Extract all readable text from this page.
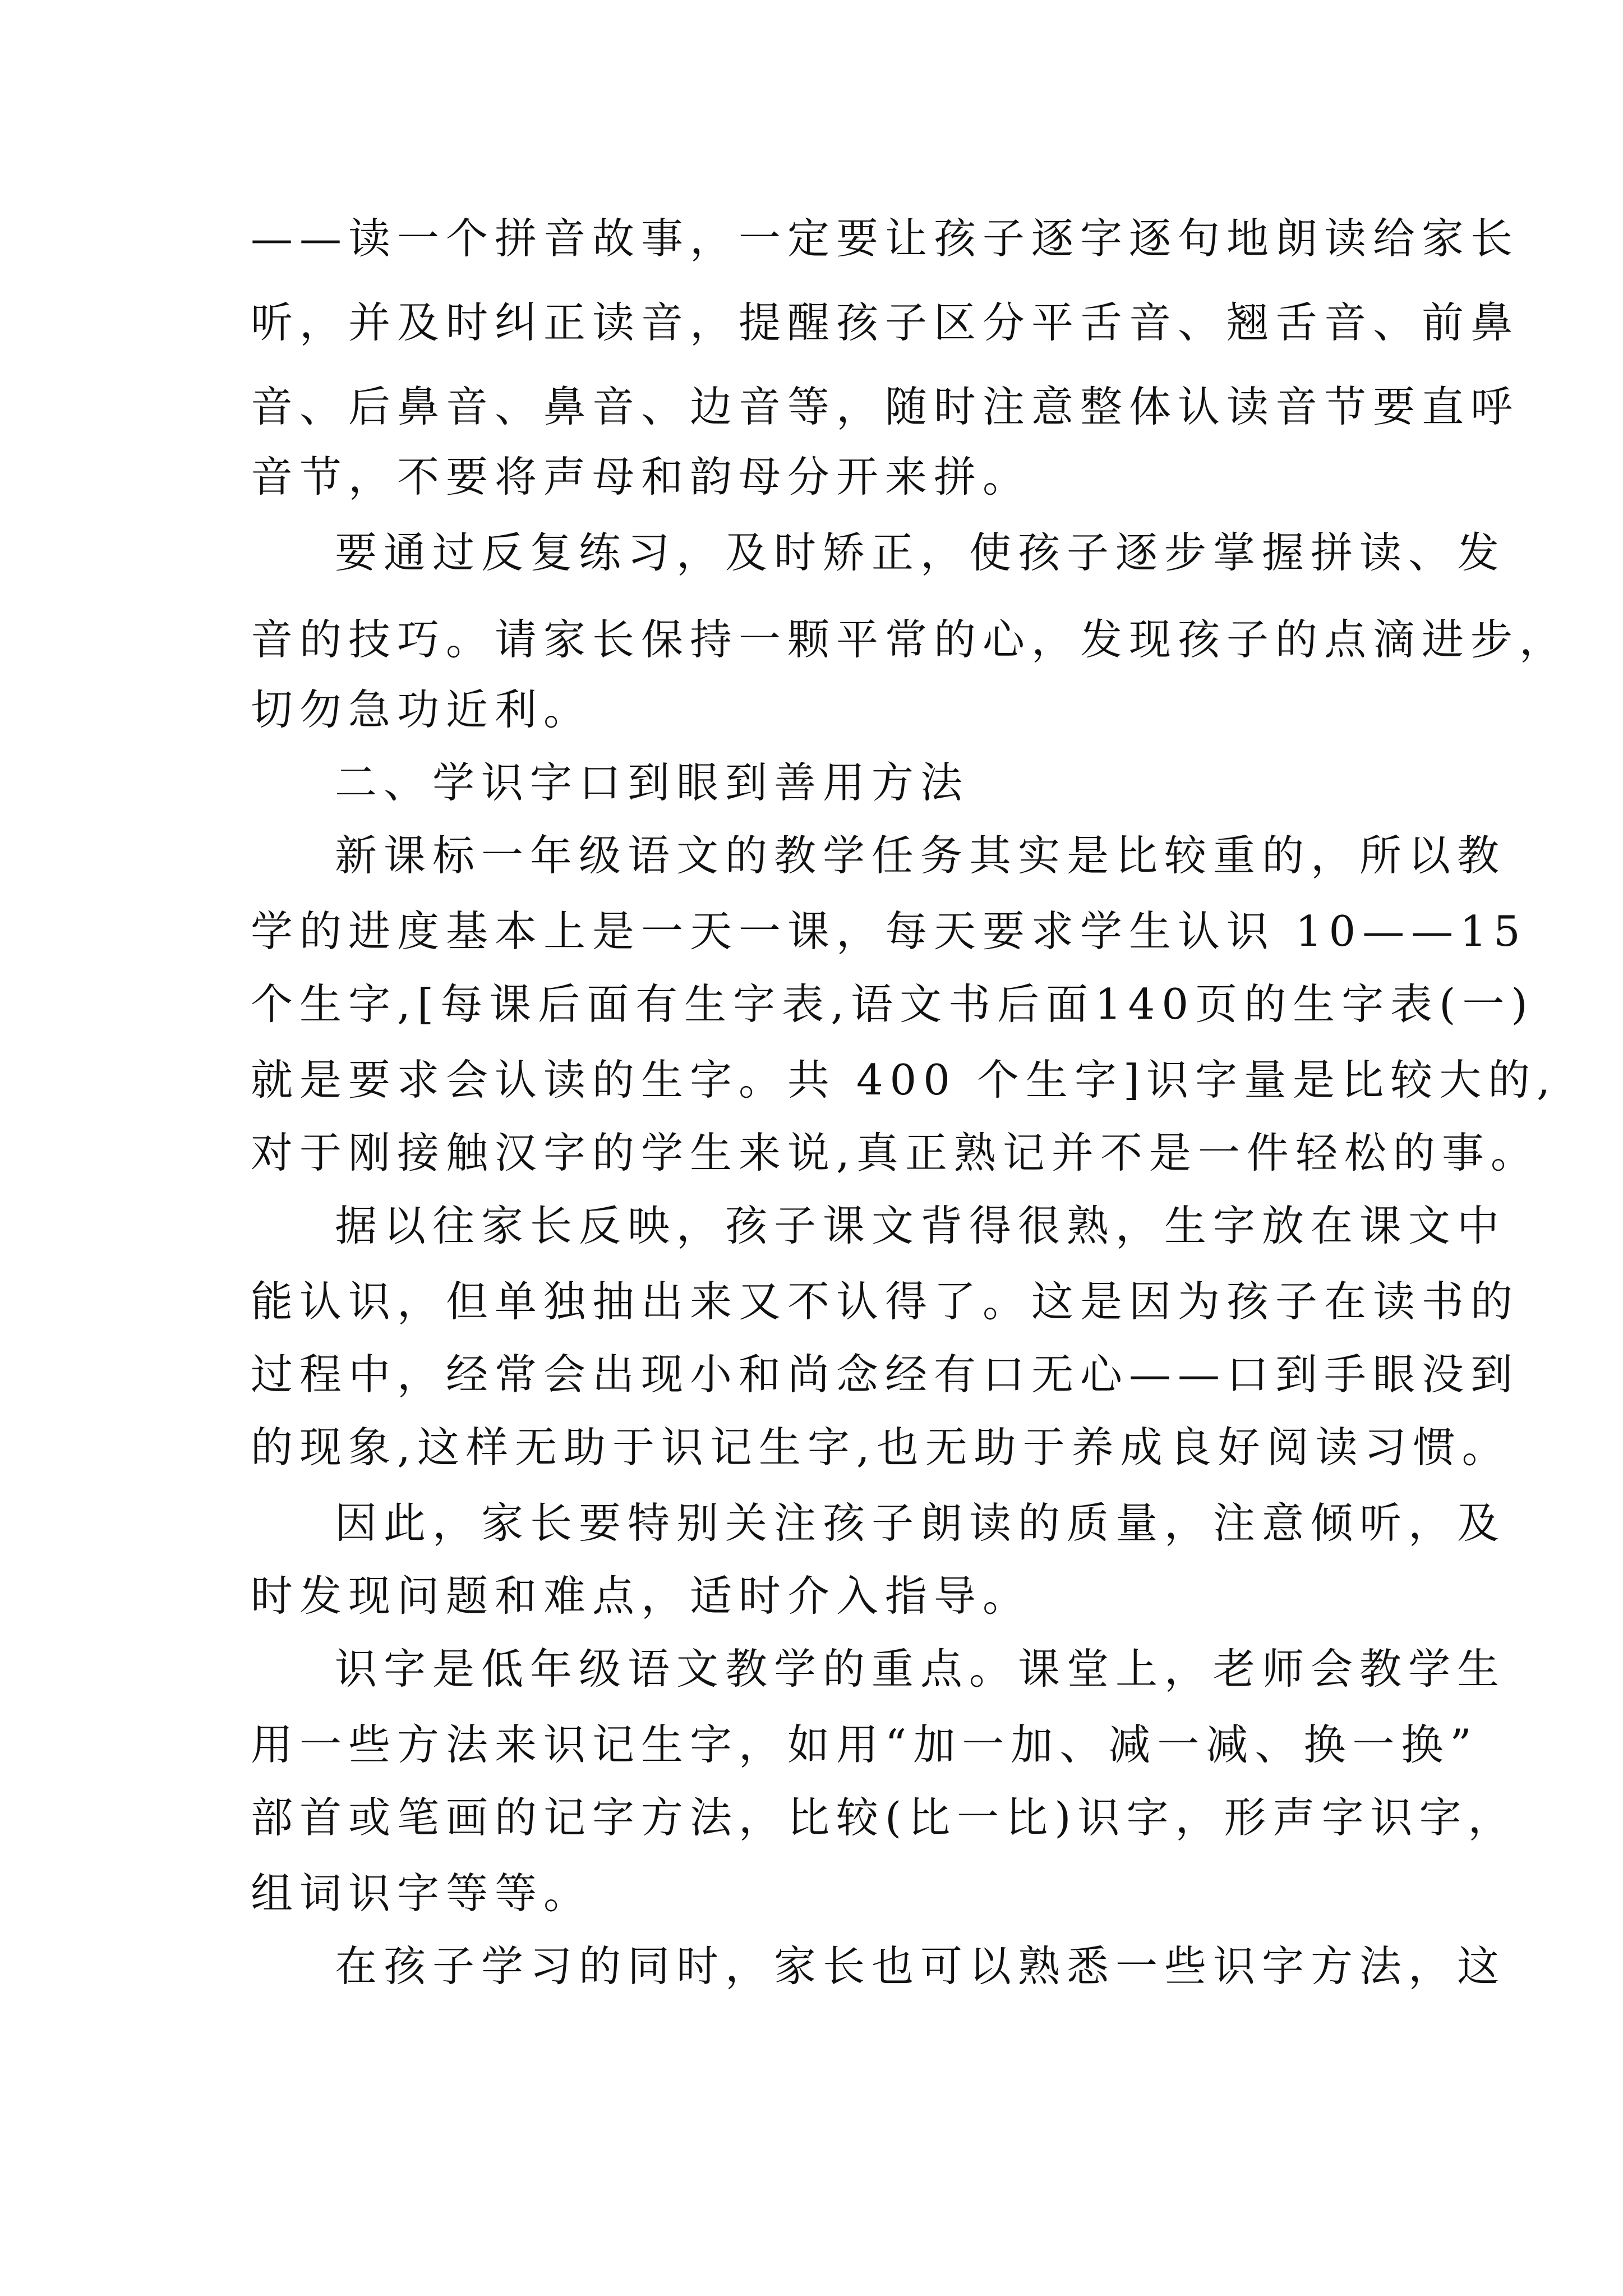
——读一个拼音故事，一定要让孩子逐字逐句地朗读给家长
听，并及时纠正读音，提醒孩子区分平舌音、翘舌音、前鼻
音、后鼻音、鼻音、边音等，随时注意整体认读音节要直呼
音节，不要将声母和韵母分开来拼。
要通过反复练习，及时矫正，使孩子逐步掌握拼读、发
音的技巧。请家长保持一颗平常的心，发现孩子的点滴进步，
切勿急功近利。
二、学识字口到眼到善用方法
新课标一年级语文的教学任务其实是比较重的，所以教
学的进度基本上是一天一课，每天要求学生认识 10——15
个生字,[每课后面有生字表,语文书后面140页的生字表(一)
就是要求会认读的生字。共 400 个生字]识字量是比较大的,
对于刚接触汉字的学生来说,真正熟记并不是一件轻松的事。
据以往家长反映，孩子课文背得很熟，生字放在课文中
能认识，但单独抽出来又不认得了。这是因为孩子在读书的
过程中，经常会出现小和尚念经有口无心——口到手眼没到
的现象,这样无助于识记生字,也无助于养成良好阅读习惯。
因此，家长要特别关注孩子朗读的质量，注意倾听，及
时发现问题和难点，适时介入指导。
识字是低年级语文教学的重点。课堂上，老师会教学生
用一些方法来识记生字，如用“加一加、减一减、换一换”
部首或笔画的记字方法，比较(比一比)识字，形声字识字，
组词识字等等。
在孩子学习的同时，家长也可以熟悉一些识字方法，这
